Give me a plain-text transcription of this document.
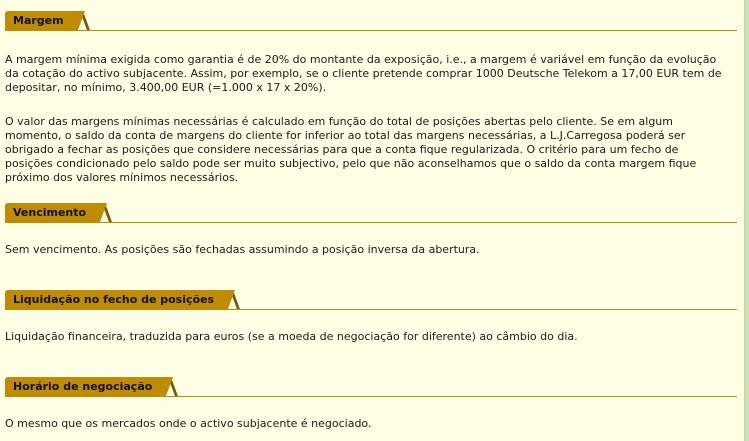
Margem

A margem mínima exigida como garantia é de 20% do montante da exposição, i.e., a margem é variável em função da evolução da cotação do activo subjacente. Assim, por exemplo, se o cliente pretende comprar 1000 Deutsche Telekom a 17,00 EUR tem de depositar, no mínimo, 3.400,00 EUR (=1.000 x 17 x 20%).

O valor das margens mínimas necessárias é calculado em função do total de posições abertas pelo cliente. Se em algum momento, o saldo da conta de margens do cliente for inferior ao total das margens necessárias, a L.J.Carregosa poderá ser obrigado a fechar as posições que considere necessárias para que a conta fique regularizada. O critério para um fecho de posições condicionado pelo saldo pode ser muito subjectivo, pelo que não aconselhamos que o saldo da conta margem fique próximo dos valores mínimos necessários.

Vencimento

Sem vencimento. As posições são fechadas assumindo a posição inversa da abertura.

Liquidação no fecho de posições

Liquidação financeira, traduzida para euros (se a moeda de negociação for diferente) ao câmbio do dia.

Horário de negociação

O mesmo que os mercados onde o activo subjacente é negociado.
